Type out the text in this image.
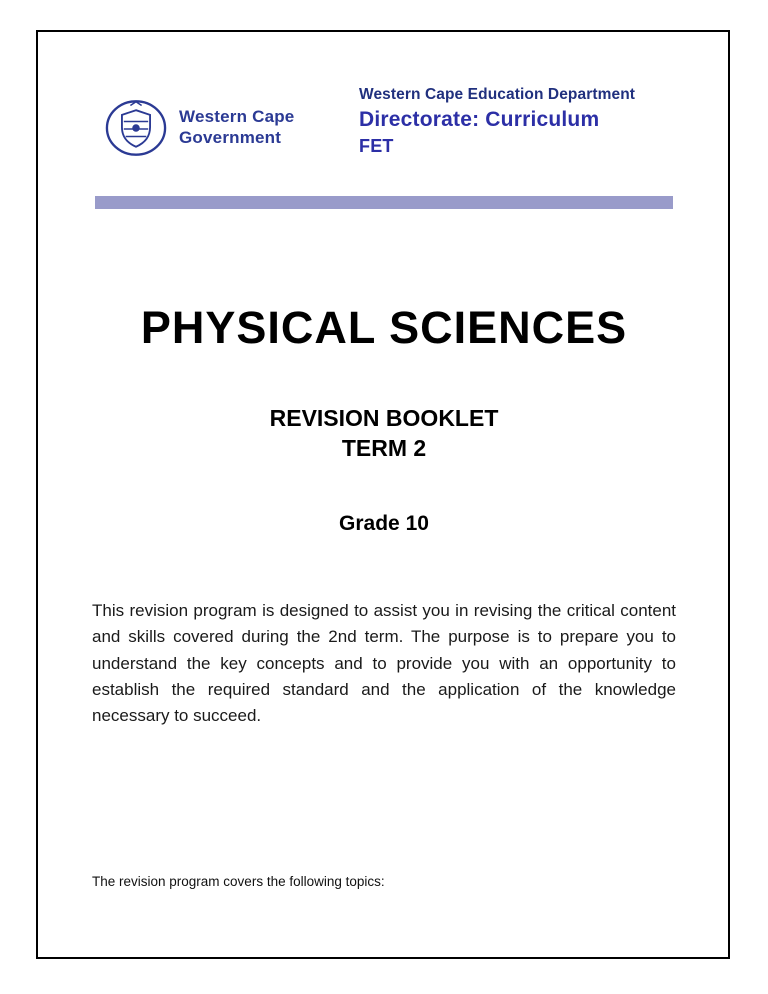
Western Cape
Government
Western Cape Education Department
Directorate: Curriculum
FET
PHYSICAL SCIENCES
REVISION BOOKLET
TERM 2
Grade 10

This revision program is designed to assist you in revising the critical content and skills covered during the 2nd term. The purpose is to prepare you to understand the key concepts and to provide you with an opportunity to establish the required standard and the application of the knowledge necessary to succeed.

The revision program covers the following topics:
